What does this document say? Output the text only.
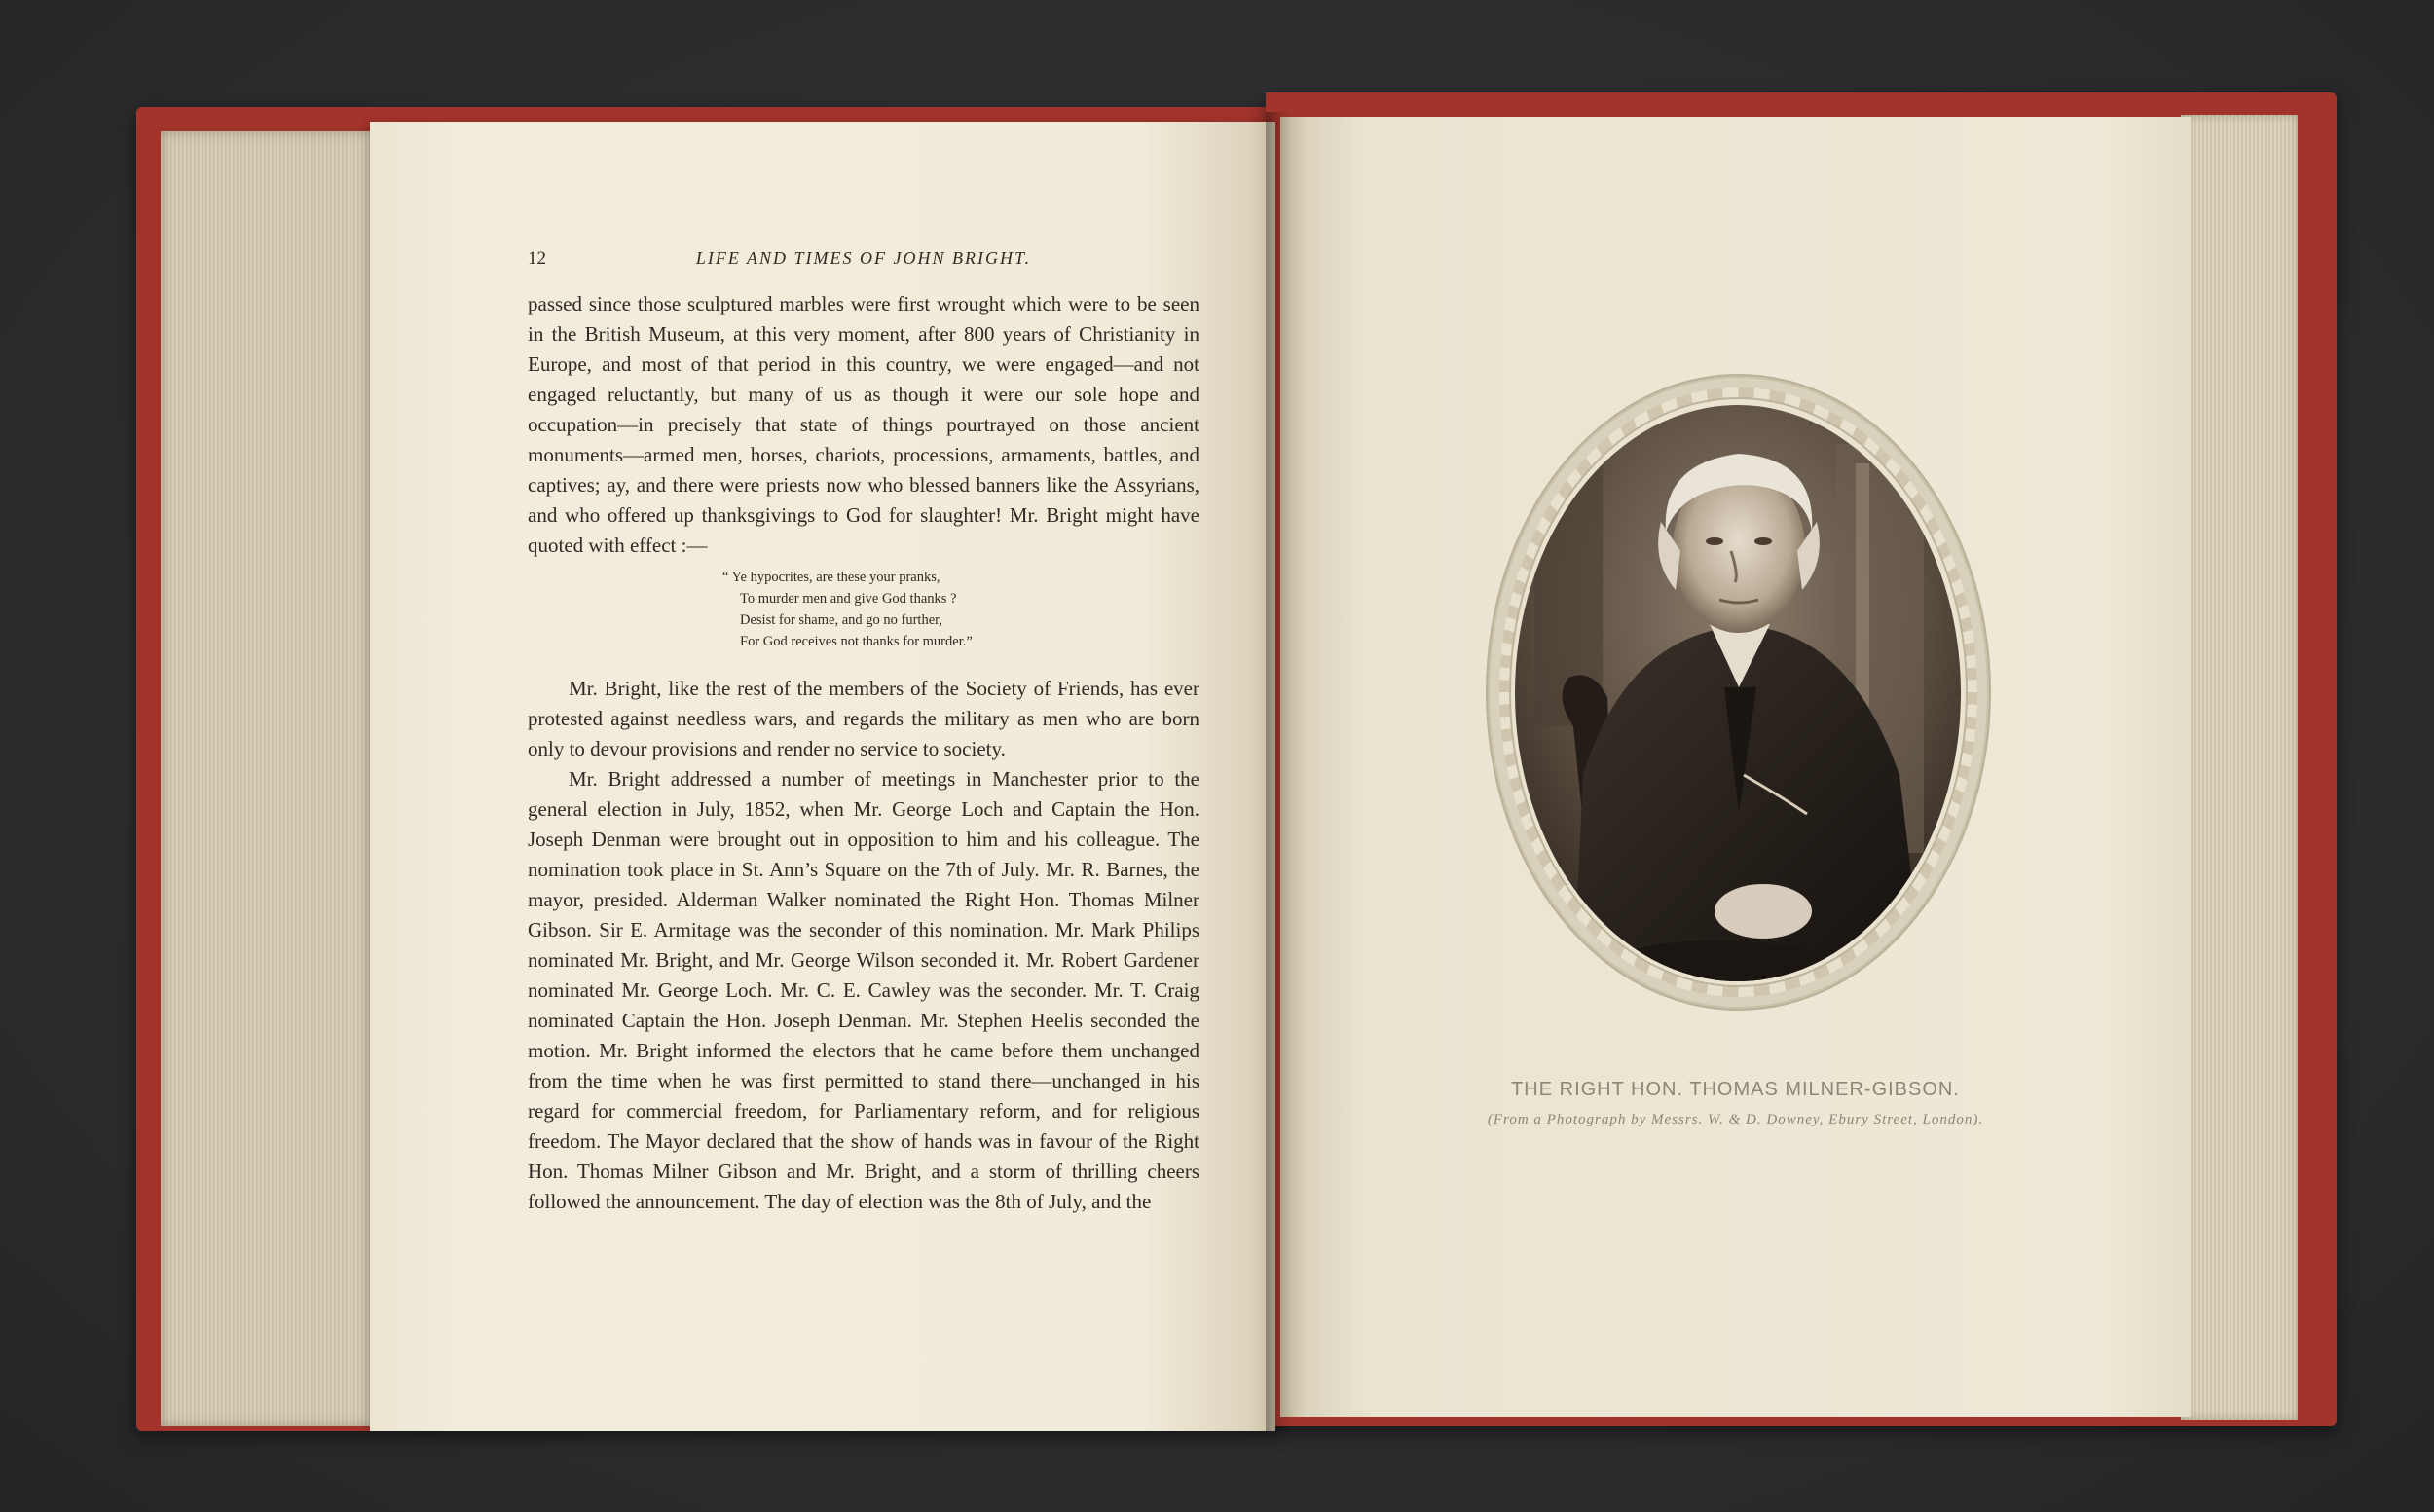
12	LIFE AND TIMES OF JOHN BRIGHT.

passed since those sculptured marbles were first wrought which were to be seen in the British Museum, at this very moment, after 800 years of Christianity in Europe, and most of that period in this country, we were engaged—and not engaged reluctantly, but many of us as though it were our sole hope and occupation—in precisely that state of things pourtrayed on those ancient monuments—armed men, horses, chariots, processions, armaments, battles, and captives; ay, and there were priests now who blessed banners like the Assyrians, and who offered up thanksgivings to God for slaughter! Mr. Bright might have quoted with effect :—

“ Ye hypocrites, are these your pranks,
To murder men and give God thanks ?
Desist for shame, and go no further,
For God receives not thanks for murder.”

Mr. Bright, like the rest of the members of the Society of Friends, has ever protested against needless wars, and regards the military as men who are born only to devour provisions and render no service to society.

Mr. Bright addressed a number of meetings in Manchester prior to the general election in July, 1852, when Mr. George Loch and Captain the Hon. Joseph Denman were brought out in opposition to him and his colleague. The nomination took place in St. Ann’s Square on the 7th of July. Mr. R. Barnes, the mayor, presided. Alderman Walker nominated the Right Hon. Thomas Milner Gibson. Sir E. Armitage was the seconder of this nomination. Mr. Mark Philips nominated Mr. Bright, and Mr. George Wilson seconded it. Mr. Robert Gardener nominated Mr. George Loch. Mr. C. E. Cawley was the seconder. Mr. T. Craig nominated Captain the Hon. Joseph Denman. Mr. Stephen Heelis seconded the motion. Mr. Bright informed the electors that he came before them unchanged from the time when he was first permitted to stand there—unchanged in his regard for commercial freedom, for Parliamentary reform, and for religious freedom. The Mayor declared that the show of hands was in favour of the Right Hon. Thomas Milner Gibson and Mr. Bright, and a storm of thrilling cheers followed the announcement. The day of election was the 8th of July, and the

THE RIGHT HON. THOMAS MILNER-GIBSON.
(From a Photograph by Messrs. W. & D. Downey, Ebury Street, London).
